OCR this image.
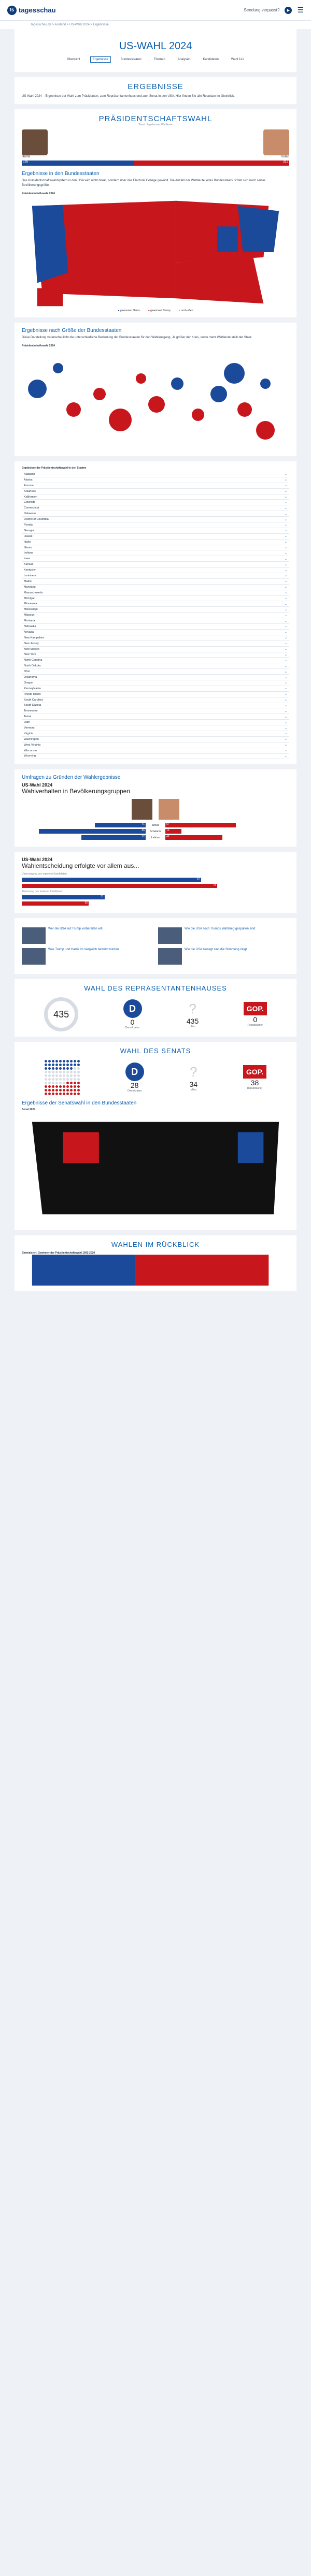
ts tagesschau	Sendung verpasst?	▶	☰
tagesschau.de > Ausland > US-Wahl 2024 > Ergebnisse
US-WAHL 2024
Übersicht	Ergebnisse	Bundesstaaten	Themen	Analysen	Kandidaten	Wahl 1x1
ERGEBNISSE

US-Wahl 2024 – Ergebnisse der Wahl zum Präsidenten, zum Repräsentantenhaus und zum Senat in den USA. Hier finden Sie alle Resultate im Überblick.

PRÄSIDENTSCHAFTSWAHL
Stand: Ergebnisse, Wahlleute
Harris	Trump
226	312
Ergebnisse in den Bundesstaaten

Das Präsidentschaftswahlsystem in den USA wird nicht direkt, sondern über das Electoral College gewählt. Die Anzahl der Wahlleute jedes Bundesstaats richtet sich nach seiner Bevölkerungsgröße.

Präsidentschaftswahl 2024
● gewonnen Harris	● gewonnen Trump	● noch offen
Ergebnisse nach Größe der Bundesstaaten

Diese Darstellung veranschaulicht die unterschiedliche Bedeutung der Bundesstaaten für den Wahlausgang. Je größer der Kreis, desto mehr Wahlleute stellt der Staat.

Präsidentschaftswahl 2024
Ergebnisse der Präsidentschaftswahl in den Staaten
Alabama	⌄
Alaska	⌄
Arizona	⌄
Arkansas	⌄
Kalifornien	⌄
Colorado	⌄
Connecticut	⌄
Delaware	⌄
District of Columbia	⌄
Florida	⌄
Georgia	⌄
Hawaii	⌄
Idaho	⌄
Illinois	⌄
Indiana	⌄
Iowa	⌄
Kansas	⌄
Kentucky	⌄
Louisiana	⌄
Maine	⌄
Maryland	⌄
Massachusetts	⌄
Michigan	⌄
Minnesota	⌄
Mississippi	⌄
Missouri	⌄
Montana	⌄
Nebraska	⌄
Nevada	⌄
New Hampshire	⌄
New Jersey	⌄
New Mexico	⌄
New York	⌄
North Carolina	⌄
North Dakota	⌄
Ohio	⌄
Oklahoma	⌄
Oregon	⌄
Pennsylvania	⌄
Rhode Island	⌄
South Carolina	⌄
South Dakota	⌄
Tennessee	⌄
Texas	⌄
Utah	⌄
Vermont	⌄
Virginia	⌄
Washington	⌄
West Virginia	⌄
Wisconsin	⌄
Wyoming	⌄
Umfragen zu Gründen der Wahlergebnisse
US-Wahl 2024
Wahlverhalten in Bevölkerungsgruppen
41	Weiße	57
86	Schwarze	13
52	Latinos	46
US-Wahl 2024
Wahlentscheidung erfolgte vor allem aus...
Überzeugung von eigenem Kandidaten
67
73
Ablehnung des anderen Kandidaten
31
25
Wer die USA auf Trump vorbereiten will	Wie die USA nach Trumps Wahlsieg gespalten sind
Was Trump und Harris im Vergleich bewirkt würden	Wie die USA bewegt sind die Stimmung zeigt
WAHL DES REPRÄSENTANTENHAUSES
435
D
0
Demokraten
?
435
offen
GOP.
0
Republikaner
WAHL DES SENATS
D
28
Demokraten
?
34
offen
GOP.
38
Republikaner
Ergebnisse der Senatswahl in den Bundesstaaten
Senat 2024
WAHLEN IM RÜCKBLICK
Ehemalsten: Gewinner der Präsidentschaftswahl 1992-2020
